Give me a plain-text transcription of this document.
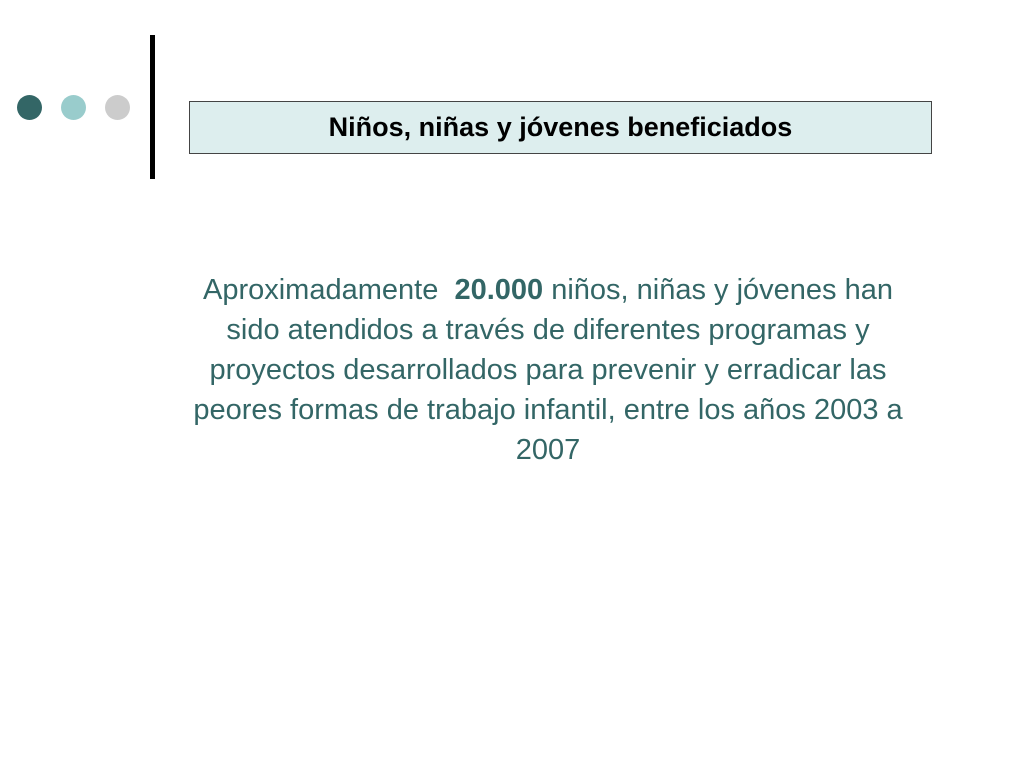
Niños, niñas y jóvenes beneficiados

Aproximadamente  20.000 niños, niñas y jóvenes han sido atendidos a través de diferentes programas y proyectos desarrollados para prevenir y erradicar las peores formas de trabajo infantil, entre los años 2003 a 2007
